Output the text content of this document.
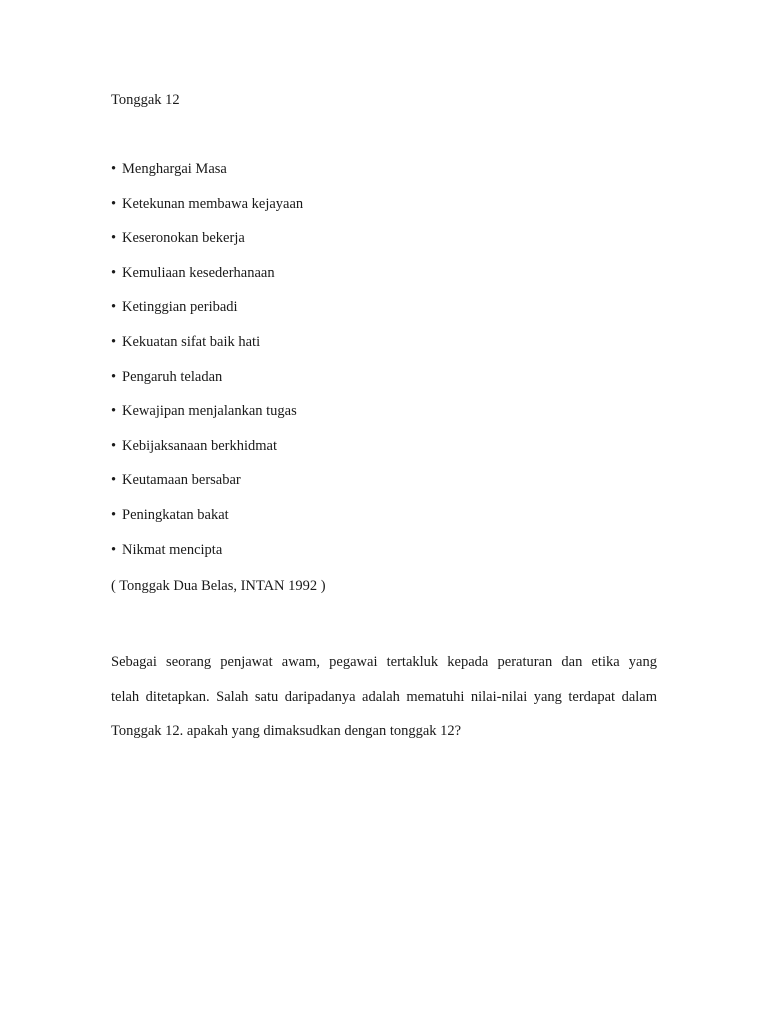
Tonggak 12
• Menghargai Masa
• Ketekunan membawa kejayaan
• Keseronokan bekerja
• Kemuliaan kesederhanaan
• Ketinggian peribadi
• Kekuatan sifat baik hati
• Pengaruh teladan
• Kewajipan menjalankan tugas
• Kebijaksanaan berkhidmat
• Keutamaan bersabar
• Peningkatan bakat
• Nikmat mencipta

( Tonggak Dua Belas, INTAN 1992 )

Sebagai seorang penjawat awam, pegawai tertakluk kepada peraturan dan etika yang
telah ditetapkan. Salah satu daripadanya adalah mematuhi nilai-nilai yang terdapat dalam
Tonggak 12. apakah yang dimaksudkan dengan tonggak 12?
